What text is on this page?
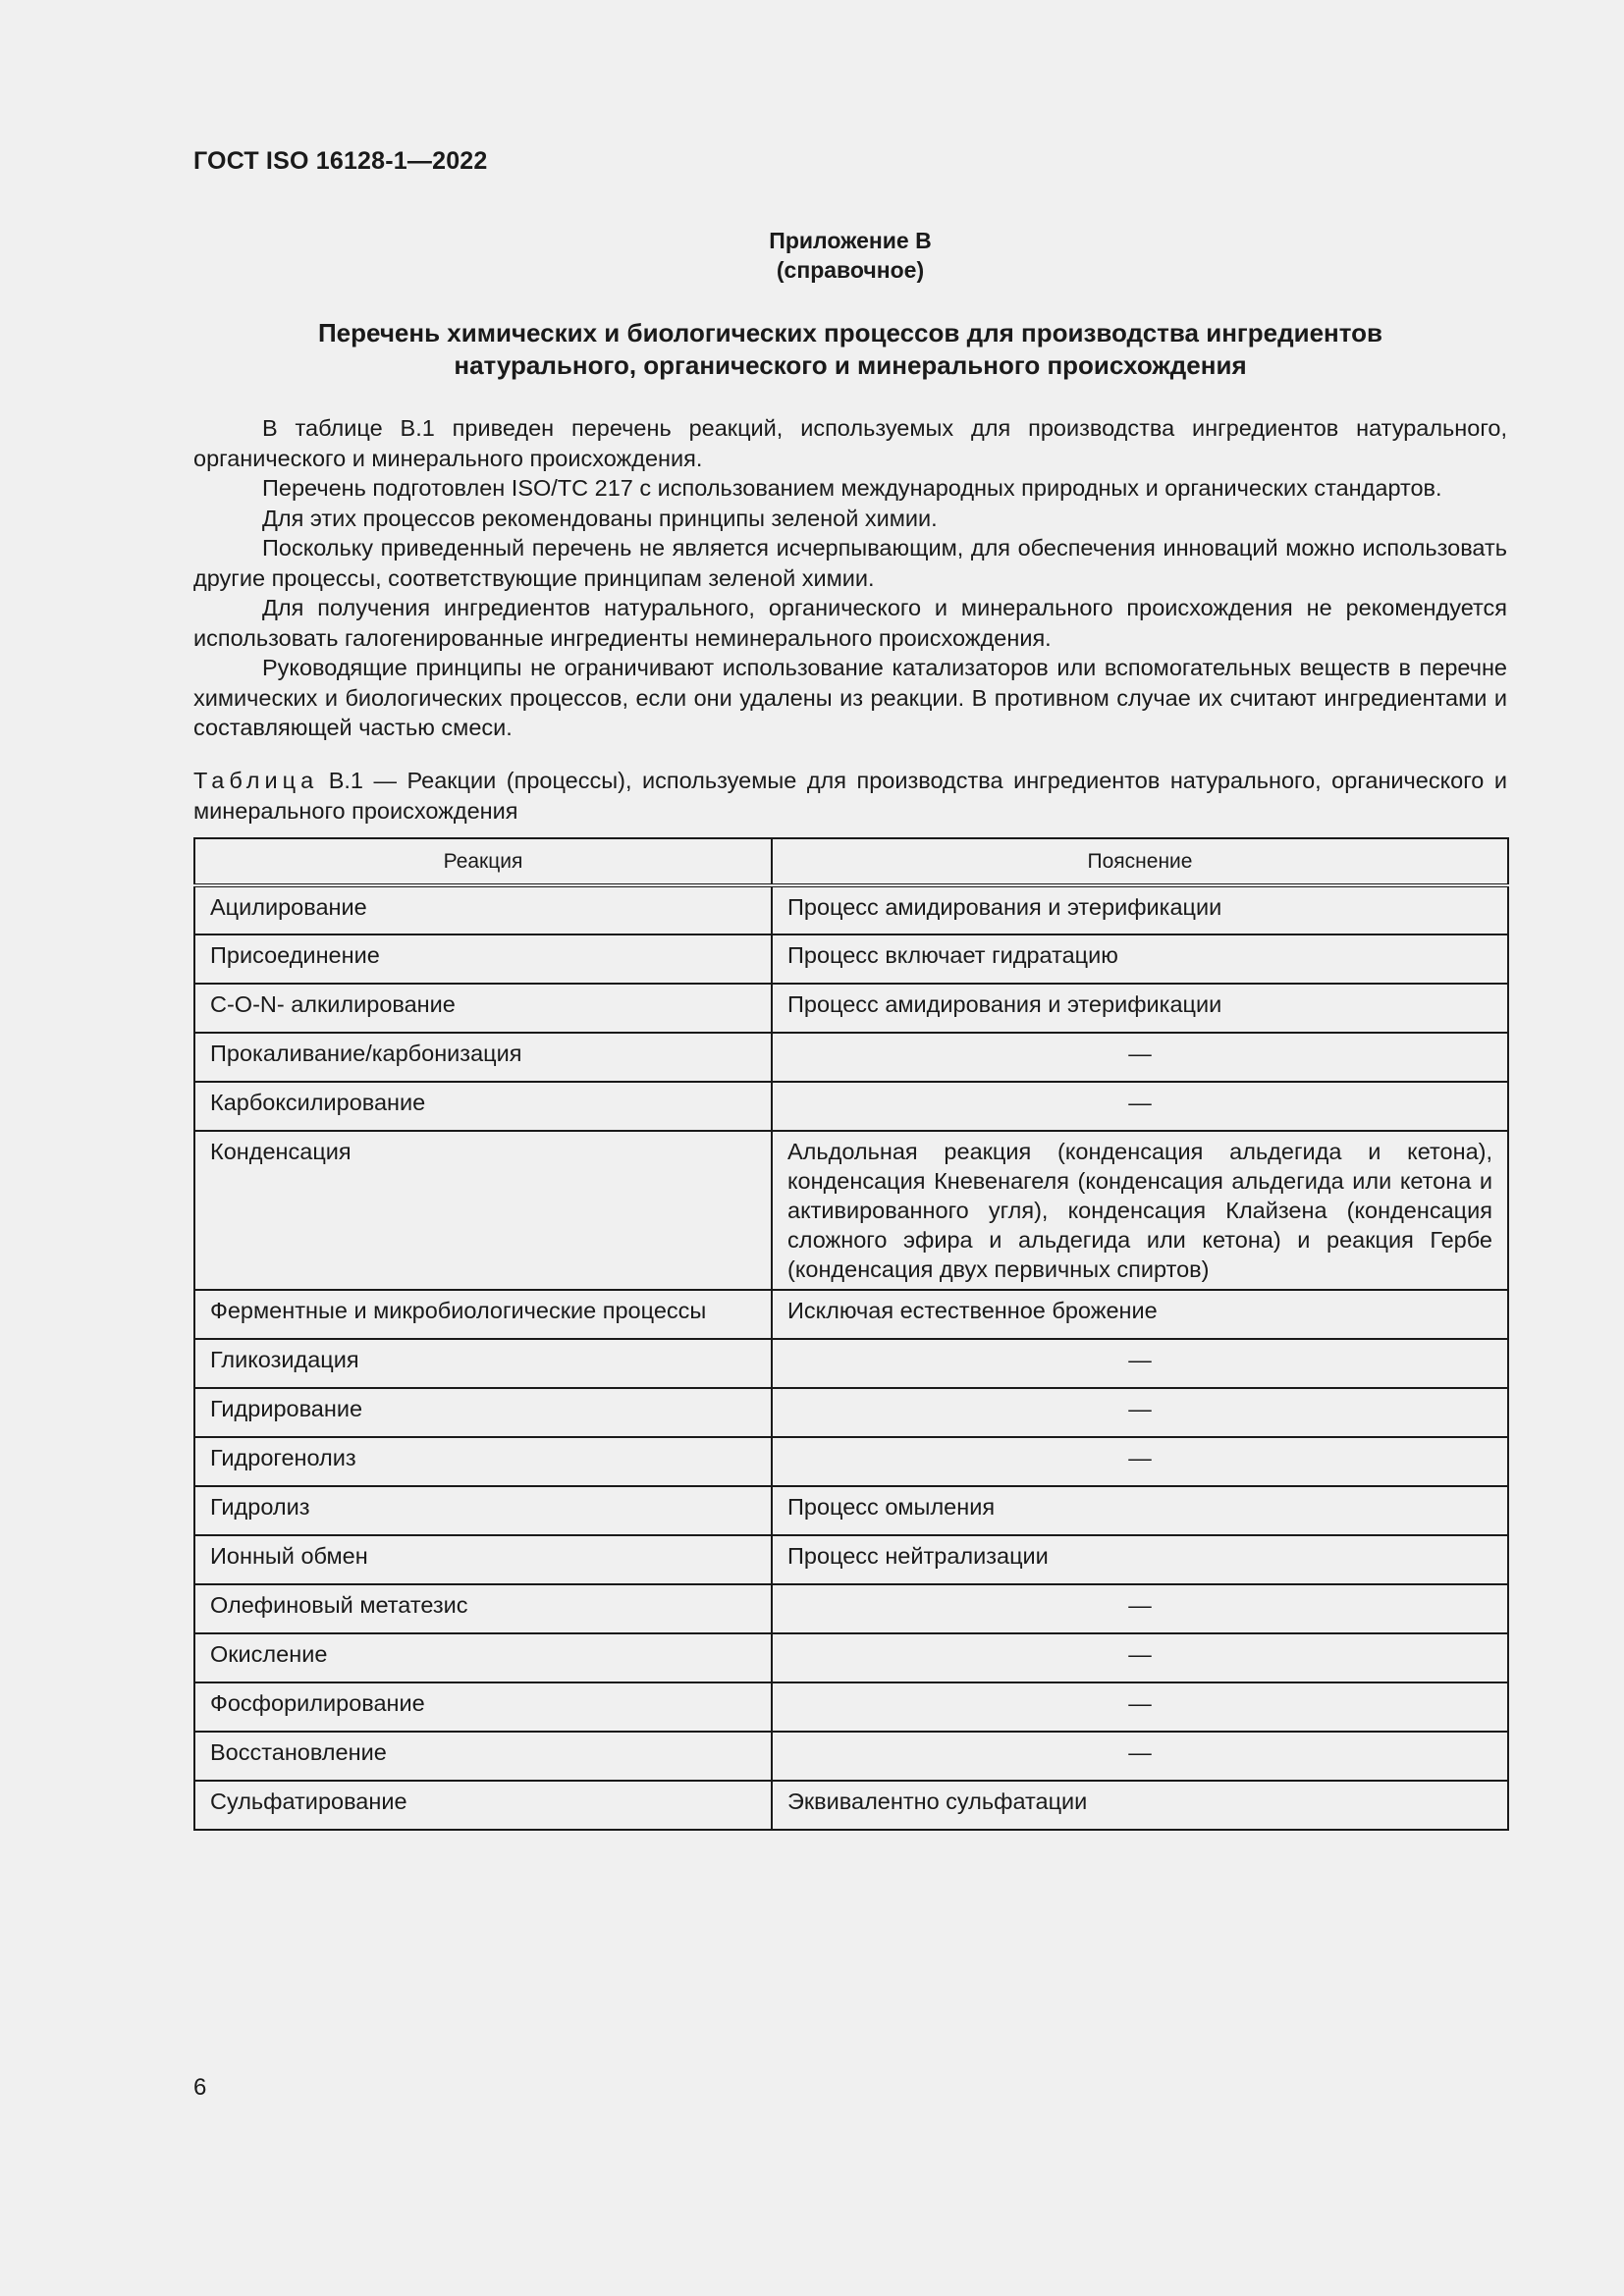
ГОСТ ISO 16128-1—2022
Приложение В
(справочное)
Перечень химических и биологических процессов для производства ингредиентов
натурального, органического и минерального происхождения

В таблице В.1 приведен перечень реакций, используемых для производства ингредиентов натурального, органического и минерального происхождения.

Перечень подготовлен ISO/TC 217 с использованием международных природных и органических стандартов.

Для этих процессов рекомендованы принципы зеленой химии.

Поскольку приведенный перечень не является исчерпывающим, для обеспечения инноваций можно использовать другие процессы, соответствующие принципам зеленой химии.

Для получения ингредиентов натурального, органического и минерального происхождения не рекомендуется использовать галогенированные ингредиенты неминерального происхождения.

Руководящие принципы не ограничивают использование катализаторов или вспомогательных веществ в перечне химических и биологических процессов, если они удалены из реакции. В противном случае их считают ингредиентами и составляющей частью смеси.

Таблица В.1 — Реакции (процессы), используемые для производства ингредиентов натурального, органического и минерального происхождения
Реакция	Пояснение
Ацилирование	Процесс амидирования и этерификации
Присоединение	Процесс включает гидратацию
C-O-N- алкилирование	Процесс амидирования и этерификации
Прокаливание/карбонизация	—
Карбоксилирование	—
Конденсация	Альдольная реакция (конденсация альдегида и кетона), конденсация Кневенагеля (конденсация альдегида или кетона и активированного угля), конденсация Клайзена (конденсация сложного эфира и альдегида или кетона) и реакция Гербе (конденсация двух первичных спиртов)
Ферментные и микробиологические процессы	Исключая естественное брожение
Гликозидация	—
Гидрирование	—
Гидрогенолиз	—
Гидролиз	Процесс омыления
Ионный обмен	Процесс нейтрализации
Олефиновый метатезис	—
Окисление	—
Фосфорилирование	—
Восстановление	—
Сульфатирование	Эквивалентно сульфатации
6
